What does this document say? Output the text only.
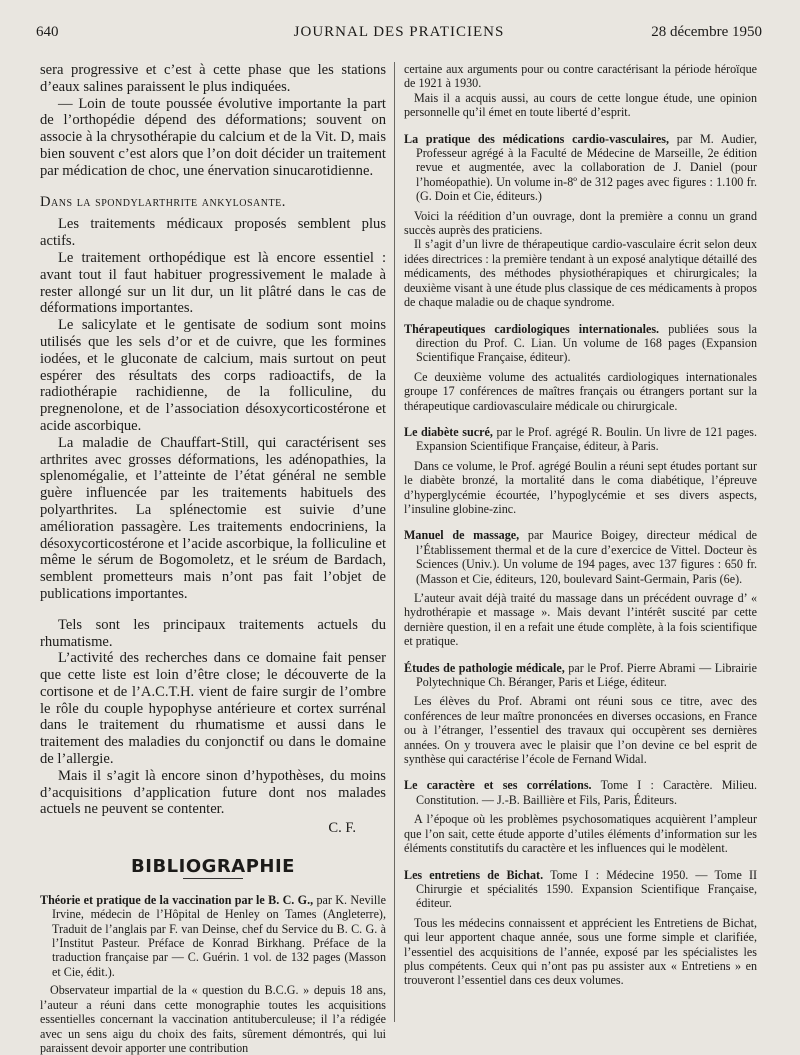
640	JOURNAL DES PRATICIENS	28 décembre 1950

sera progressive et c’est à cette phase que les stations d’eaux salines paraissent le plus indiquées.

— Loin de toute poussée évolutive importante la part de l’orthopédie dépend des déformations; souvent on associe à la chrysothérapie du calcium et de la Vit. D, mais bien souvent c’est alors que l’on doit décider un traitement par médication de choc, une énervation sinucarotidienne.

Dans la spondylarthrite ankylosante.

Les traitements médicaux proposés semblent plus actifs.

Le traitement orthopédique est là encore essentiel : avant tout il faut habituer progressivement le malade à rester allongé sur un lit dur, un lit plâtré dans le cas de déformations importantes.

Le salicylate et le gentisate de sodium sont moins utilisés que les sels d’or et de cuivre, que les formines iodées, et le gluconate de calcium, mais surtout on peut espérer des résultats des corps radioactifs, de la radiothérapie rachidienne, de la folliculine, du pregnenolone, et de l’association désoxycorticostérone et acide ascorbique.

La maladie de Chauffart-Still, qui caractérisent ses arthrites avec grosses déformations, les adénopathies, la splenomégalie, et l’atteinte de l’état général ne semble guère influencée par les traitements habituels des polyarthrites. La splénectomie est suivie d’une amélioration passagère. Les traitements endocriniens, la désoxycorticostérone et l’acide ascorbique, la folliculine et même le sérum de Bogomoletz, et le sréum de Bardach, semblent prometteurs mais n’ont pas fait l’objet de publications importantes.

Tels sont les principaux traitements actuels du rhumatisme.

L’activité des recherches dans ce domaine fait penser que cette liste est loin d’être close; le découverte de la cortisone et de l’A.C.T.H. vient de faire surgir de l’ombre le rôle du couple hypophyse antérieure et cortex surrénal dans le traitement du rhumatisme et aussi dans le traitement des maladies du conjonctif ou dans le domaine de l’allergie.

Mais il s’agit là encore sinon d’hypothèses, du moins d’acquisitions d’application future dont nos malades actuels ne peuvent se contenter.

C. F.

BIBLIOGRAPHIE
Théorie et pratique de la vaccination par le B. C. G., par K. Neville Irvine, médecin de l’Hôpital de Henley on Tames (Angleterre), Traduit de l’anglais par F. van Deinse, chef du Service du B. C. G. à l’Institut Pasteur. Préface de Konrad Birkhang. Préface de la traduction française par — C. Guérin. 1 vol. de 132 pages (Masson et Cie, édit.).

Observateur impartial de la « question du B.C.G. » depuis 18 ans, l’auteur a réuni dans cette monographie toutes les acquisitions essentielles concernant la vaccination antituberculeuse; il l’a rédigée avec un sens aigu du choix des faits, sûrement démontrés, qui lui paraissent devoir apporter une contribution

certaine aux arguments pour ou contre caractérisant la période héroïque de 1921 à 1930.

Mais il a acquis aussi, au cours de cette longue étude, une opinion personnelle qu’il émet en toute liberté d’esprit.

La pratique des médications cardio-vasculaires, par M. Audier, Professeur agrégé à la Faculté de Médecine de Marseille, 2e édition revue et augmentée, avec la collaboration de J. Daniel (pour l’homéopathie). Un volume in-8º de 312 pages avec figures : 1.100 fr. (G. Doin et Cie, éditeurs.)

Voici la réédition d’un ouvrage, dont la première a connu un grand succès auprès des praticiens.

Il s’agit d’un livre de thérapeutique cardio-vasculaire écrit selon deux idées directrices : la première tendant à un exposé analytique détaillé des médicaments, des méthodes physiothérapiques et chirurgicales; la deuxième visant à une étude plus classique de ces médicaments à propos de chaque maladie ou de chaque syndrome.

Thérapeutiques cardiologiques internationales. publiées sous la direction du Prof. C. Lian. Un volume de 168 pages (Expansion Scientifique Française, éditeur).

Ce deuxième volume des actualités cardiologiques internationales groupe 17 conférences de maîtres français ou étrangers portant sur la thérapeutique cardiovasculaire médicale ou chirurgicale.

Le diabète sucré, par le Prof. agrégé R. Boulin. Un livre de 121 pages. Expansion Scientifique Française, éditeur, à Paris.

Dans ce volume, le Prof. agrégé Boulin a réuni sept études portant sur le diabète bronzé, la mortalité dans le coma diabétique, l’épreuve d’hyperglycémie écourtée, l’hypoglycémie et ses divers aspects, l’insuline globine-zinc.

Manuel de massage, par Maurice Boigey, directeur médical de l’Établissement thermal et de la cure d’exercice de Vittel. Docteur ès Sciences (Univ.). Un volume de 194 pages, avec 137 figures : 650 fr. (Masson et Cie, éditeurs, 120, boulevard Saint-Germain, Paris (6e).

L’auteur avait déjà traité du massage dans un précédent ouvrage d’ « hydrothérapie et massage ». Mais devant l’intérêt suscité par cette dernière question, il en a refait une étude complète, à la fois scientifique et pratique.

Études de pathologie médicale, par le Prof. Pierre Abrami — Librairie Polytechnique Ch. Béranger, Paris et Liége, éditeur.

Les élèves du Prof. Abrami ont réuni sous ce titre, avec des conférences de leur maître prononcées en diverses occasions, en France ou à l’étranger, l’essentiel des travaux qui occupèrent ses dernières années. On y trouvera avec le plaisir que l’on devine ce bel esprit de synthèse qui caractérise l’école de Fernand Widal.

Le caractère et ses corrélations. Tome I : Caractère. Milieu. Constitution. — J.-B. Baillière et Fils, Paris, Éditeurs.

A l’époque où les problèmes psychosomatiques acquièrent l’ampleur que l’on sait, cette étude apporte d’utiles éléments d’information sur les éléments constitutifs du caractère et les influences qui le modèlent.

Les entretiens de Bichat. Tome I : Médecine 1950. — Tome II Chirurgie et spécialités 1590. Expansion Scientifique Française, éditeur.

Tous les médecins connaissent et apprécient les Entretiens de Bichat, qui leur apportent chaque année, sous une forme simple et clarifiée, l’essentiel des acquisitions de l’année, exposé par les spécialistes les plus compétents. Ceux qui n’ont pas pu assister aux « Entretiens » en trouveront l’essentiel dans ces deux volumes.
